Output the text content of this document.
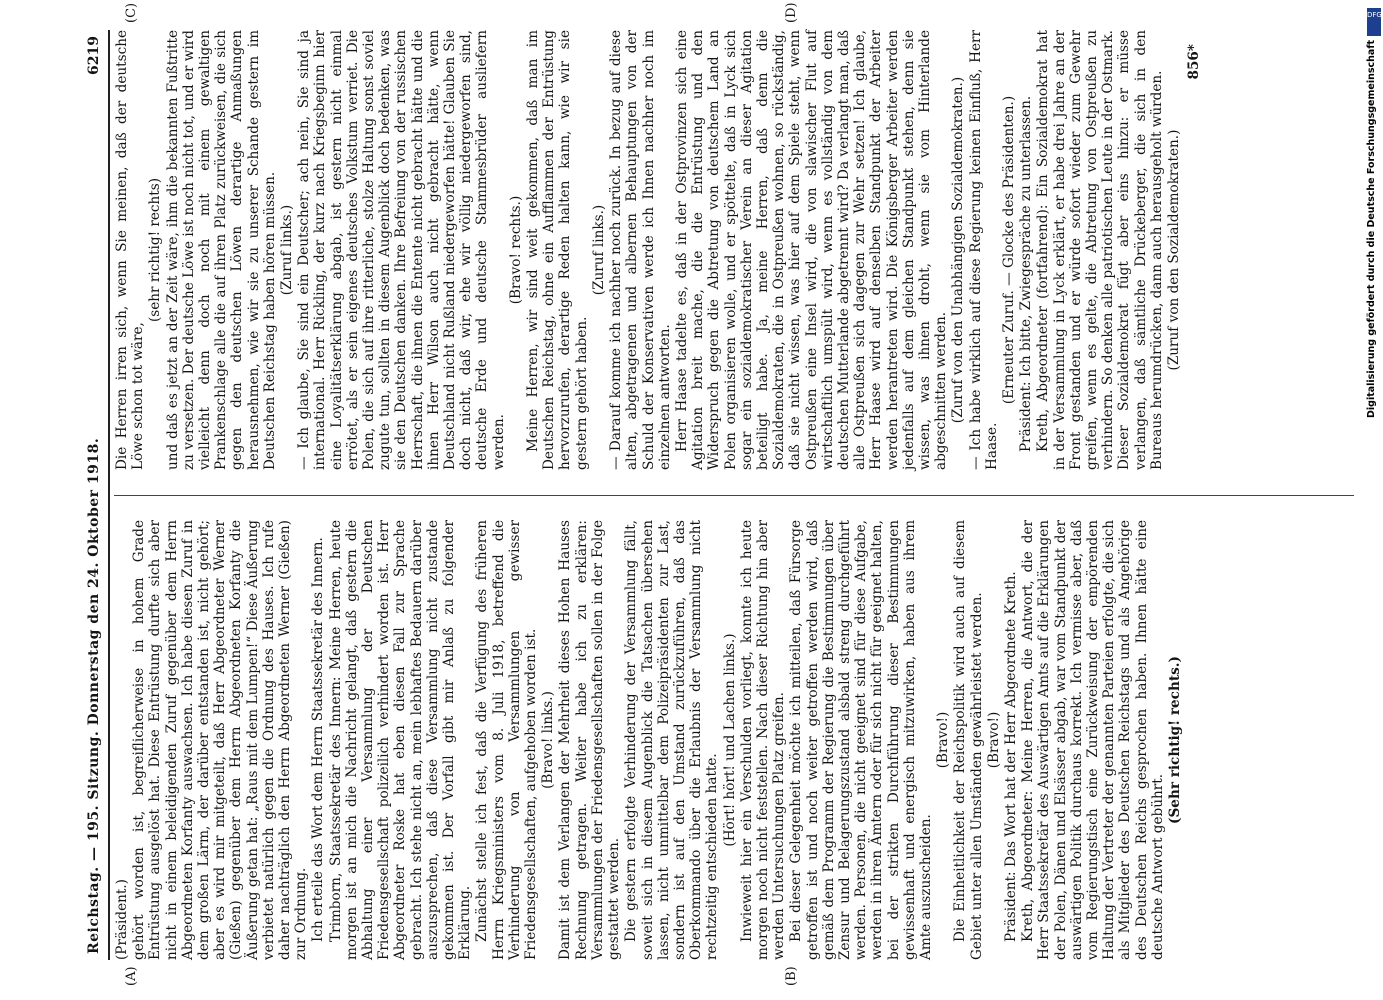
Reichstag. — 195. Sitzung. Donnerstag den 24. Oktober 1918.
6219

(Präsident.) gehört worden ist, begreiflicherweise in hohem Grade Entrüstung ausgelöst hat. Diese Entrüstung durfte sich aber nicht in einem beleidigenden Zuruf gegenüber dem Herrn Abgeordneten Korfanty auswachsen. Ich habe diesen Zuruf in dem großen Lärm, der darüber entstanden ist, nicht gehört; aber es wird mir mitgeteilt, daß Herr Abgeordneter Werner (Gießen) gegenüber dem Herrn Abgeordneten Korfanty die Äußerung getan hat: „Raus mit dem Lumpen!“ Diese Äußerung verbietet natürlich gegen die Ordnung des Hauses. Ich rufe daher nachträglich den Herrn Abgeordneten Werner (Gießen) zur Ordnung. Ich erteile das Wort dem Herrn Staatssekretär des Innern. Trimborn, Staatssekretär des Innern: Meine Herren, heute morgen ist an mich die Nachricht gelangt, daß gestern die Abhaltung einer Versammlung der Deutschen Friedensgesellschaft polizeilich verhindert worden ist. Herr Abgeordneter Roske hat eben diesen Fall zur Sprache gebracht. Ich stehe nicht an, mein lebhaftes Bedauern darüber auszusprechen, daß diese Versammlung nicht zustande gekommen ist. Der Vorfall gibt mir Anlaß zu folgender Erklärung. Zunächst stelle ich fest, daß die Verfügung des früheren Herrn Kriegsministers vom 8. Juli 1918, betreffend die Verhinderung von Versammlungen gewisser Friedensgesellschaften, aufgehoben worden ist. (Bravo! links.) Damit ist dem Verlangen der Mehrheit dieses Hohen Hauses Rechnung getragen. Weiter habe ich zu erklären: Versammlungen der Friedensgesellschaften sollen in der Folge gestattet werden. Die gestern erfolgte Verhinderung der Versammlung fällt, soweit sich in diesem Augenblick die Tatsachen übersehen lassen, nicht unmittelbar dem Polizeipräsidenten zur Last, sondern ist auf den Umstand zurückzuführen, daß das Oberkommando über die Erlaubnis der Versammlung nicht rechtzeitig entschieden hatte.

(Hört! hört! und Lachen links.) Inwieweit hier ein Verschulden vorliegt, konnte ich heute morgen noch nicht feststellen. Nach dieser Richtung hin aber werden Untersuchungen Platz greifen. Bei dieser Gelegenheit möchte ich mitteilen, daß Fürsorge getroffen ist und noch weiter getroffen werden wird, daß gemäß dem Programm der Regierung die Bestimmungen über Zensur und Belagerungszustand alsbald streng durchgeführt werden. Personen, die nicht geeignet sind für diese Aufgabe, werden in ihren Ämtern oder für sich nicht für geeignet halten, bei der strikten Durchführung dieser Bestimmungen gewissenhaft und energisch mitzuwirken, haben aus ihrem Amte auszuscheiden.

(Bravo!) Die Einheitlichkeit der Reichspolitik wird auch auf diesem Gebiet unter allen Umständen gewährleistet werden. (Bravo!) Präsident: Das Wort hat der Herr Abgeordnete Kreth. Kreth, Abgeordneter: Meine Herren, die Antwort, die der Herr Staatssekretär des Auswärtigen Amts auf die Erklärungen der Polen, Dänen und Elsässer abgab, war vom Standpunkt der auswärtigen Politik durchaus korrekt. Ich vermisse aber, daß vom Regierungstisch eine Zurückweisung der empörenden Haltung der Vertreter der genannten Parteien erfolgte, die sich als Mitglieder des Deutschen Reichstags und als Angehörige des Deutschen Reichs gesprochen haben. Ihnen hätte eine deutsche Antwort gebührt.

(Sehr richtig! rechts.)

Die Herren irren sich, wenn Sie meinen, daß der deutsche Löwe schon tot wäre,

(sehr richtig! rechts) und daß es jetzt an der Zeit wäre, ihm die bekannten Fußtritte zu versetzen. Der deutsche Löwe ist noch nicht tot, und er wird vielleicht denn doch noch mit einem gewaltigen Prankenschlage alle die auf ihren Platz zurückweisen, die sich gegen den deutschen Löwen derartige Anmaßungen herausnehmen, wie wir sie zu unserer Schande gestern im Deutschen Reichstag haben hören müssen. (Zuruf links.) — Ich glaube, Sie sind ein Deutscher; ach nein, Sie sind ja international. Herr Rickling, der kurz nach Kriegsbeginn hier eine Loyalitätserklärung abgab, ist gestern nicht einmal errötet, als er sein eigenes deutsches Volkstum verriet. Die Polen, die sich auf ihre ritterliche, stolze Haltung sonst soviel zugute tun, sollten in diesem Augenblick doch bedenken, was sie den Deutschen danken. Ihre Befreiung von der russischen Herrschaft, die ihnen die Entente nicht gebracht hätte und die ihnen Herr Wilson auch nicht gebracht hätte, wenn Deutschland nicht Rußland niedergeworfen hätte! Glauben Sie doch nicht, daß wir, ehe wir völlig niedergeworfen sind, deutsche Erde und deutsche Stammesbrüder ausliefern werden.

(Bravo! rechts.) Meine Herren, wir sind weit gekommen, daß man im Deutschen Reichstag, ohne ein Aufflammen der Entrüstung hervorzurufen, derartige Reden halten kann, wie wir sie gestern gehört haben.

(Zuruf links.) — Darauf komme ich nachher noch zurück. In bezug auf diese alten, abgetragenen und albernen Behauptungen von der Schuld der Konservativen werde ich Ihnen nachher noch im einzelnen antworten. Herr Haase tadelte es, daß in der Ostprovinzen sich eine Agitation breit mache, die die Entrüstung und den Widerspruch gegen die Abtretung von deutschem Land an Polen organisieren wolle, und er spöttelte, daß in Lyck sich sogar ein sozialdemokratischer Verein an dieser Agitation beteiligt habe. Ja, meine Herren, daß denn die Sozialdemokraten, die in Ostpreußen wohnen, so rückständig, daß sie nicht wissen, was hier auf dem Spiele steht, wenn Ostpreußen eine Insel wird, die von slawischer Flut auf wirtschaftlich umspült wird, wenn es vollständig von dem deutschen Mutterlande abgetrennt wird? Da verlangt man, daß alle Ostpreußen sich dagegen zur Wehr setzen! Ich glaube, Herr Haase wird auf denselben Standpunkt der Arbeiter werden herantreten wird. Die Königsberger Arbeiter werden jedenfalls auf dem gleichen Standpunkt stehen, denn sie wissen, was ihnen droht, wenn sie vom Hinterlande abgeschnitten werden. (Zuruf von den Unabhängigen Sozialdemokraten.) — Ich habe wirklich auf diese Regierung keinen Einfluß, Herr Haase.

(Erneuter Zuruf. — Glocke des Präsidenten.) Präsident: Ich bitte, Zwiegespräche zu unterlassen. Kreth, Abgeordneter (fortfahrend): Ein Sozialdemokrat hat in der Versammlung in Lyck erklärt, er habe drei Jahre an der Front gestanden und er würde sofort wieder zum Gewehr greifen, wenn es gelte, die Abtretung von Ostpreußen zu verhindern. So denken alle patriotischen Leute in der Ostmark. Dieser Sozialdemokrat fügt aber eins hinzu: er müsse verlangen, daß sämtliche Drückeberger, die sich in den Bureaus herumdrücken, dann auch herausgeholt würden. (Zuruf von den Sozialdemokraten.)

856*
(A)	(B)
(C)	(D)	DFG
Digitalisierung gefördert durch die Deutsche Forschungsgemeinschaft
